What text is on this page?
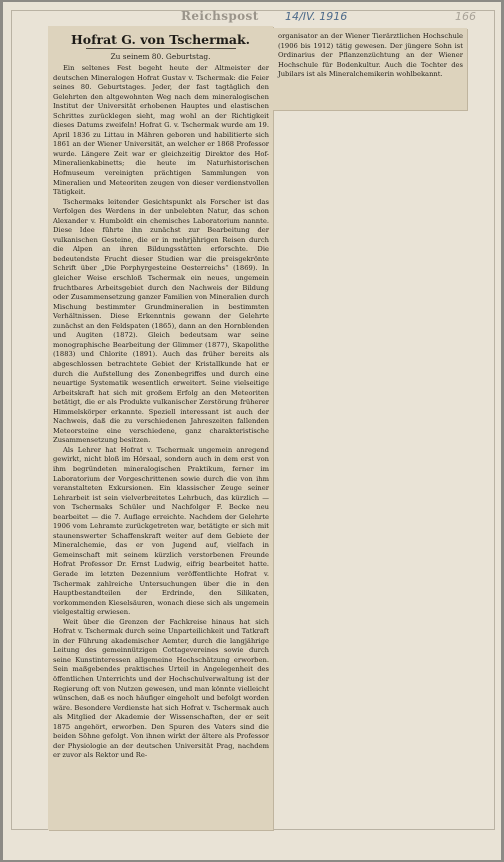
Reichspost 14/IV. 1916	166
Hofrat G. von Tschermak.
Zu seinem 80. Geburtstag.

Ein seltenes Fest begeht heute der Altmeister der deutschen Mineralogen Hofrat Gustav v. Tschermak: die Feier seines 80. Geburtstages. Jeder, der fast tagtäglich den Gelehrten den altgewohnten Weg nach dem mineralogischen Institut der Universität erhobenen Hauptes und elastischen Schrittes zurücklegen sieht, mag wohl an der Richtigkeit dieses Datums zweifeln! Hofrat G. v. Tschermak wurde am 19. April 1836 zu Littau in Mähren geboren und habilitierte sich 1861 an der Wiener Universität, an welcher er 1868 Professor wurde. Längere Zeit war er gleichzeitig Direktor des Hof-Mineralienkabinetts; die heute im Naturhistorischen Hofmuseum vereinigten prächtigen Sammlungen von Mineralien und Meteoriten zeugen von dieser verdienstvollen Tätigkeit.

Tschermaks leitender Gesichtspunkt als Forscher ist das Verfolgen des Werdens in der unbelebten Natur, das schon Alexander v. Humboldt ein chemisches Laboratorium nannte. Diese Idee führte ihn zunächst zur Bearbeitung der vulkanischen Gesteine, die er in mehrjährigen Reisen durch die Alpen an ihren Bildungsstätten erforschte. Die bedeutendste Frucht dieser Studien war die preisgekrönte Schrift über „Die Porphyrgesteine Oesterreichs“ (1869). In gleicher Weise erschloß Tschermak ein neues, ungemein fruchtbares Arbeitsgebiet durch den Nachweis der Bildung oder Zusammensetzung ganzer Familien von Mineralien durch Mischung bestimmter Grundmineralien in bestimmten Verhältnissen. Diese Erkenntnis gewann der Gelehrte zunächst an den Feldspaten (1865), dann an den Hornblenden und Augiten (1872). Gleich bedeutsam war seine monographische Bearbeitung der Glimmer (1877), Skapolithe (1883) und Chlorite (1891). Auch das früher bereits als abgeschlossen betrachtete Gebiet der Kristallkunde hat er durch die Aufstellung des Zonenbegriffes und durch eine neuartige Systematik wesentlich erweitert. Seine vielseitige Arbeitskraft hat sich mit großem Erfolg an den Meteoriten betätigt, die er als Produkte vulkanischer Zerstörung früherer Himmelskörper erkannte. Speziell interessant ist auch der Nachweis, daß die zu verschiedenen Jahreszeiten fallenden Meteorsteine eine verschiedene, ganz charakteristische Zusammensetzung besitzen.

Als Lehrer hat Hofrat v. Tschermak ungemein anregend gewirkt, nicht bloß im Hörsaal, sondern auch in dem erst von ihm begründeten mineralogischen Praktikum, ferner im Laboratorium der Vorgeschrittenen sowie durch die von ihm veranstalteten Exkursionen. Ein klassischer Zeuge seiner Lehrarbeit ist sein vielverbreitetes Lehrbuch, das kürzlich — von Tschermaks Schüler und Nachfolger F. Becke neu bearbeitet — die 7. Auflage erreichte. Nachdem der Gelehrte 1906 vom Lehramte zurückgetreten war, betätigte er sich mit staunenswerter Schaffenskraft weiter auf dem Gebiete der Mineralchemie, das er von Jugend auf, vielfach in Gemeinschaft mit seinem kürzlich verstorbenen Freunde Hofrat Professor Dr. Ernst Ludwig, eifrig bearbeitet hatte. Gerade im letzten Dezennium veröffentlichte Hofrat v. Tschermak zahlreiche Untersuchungen über die in den Hauptbestandteilen der Erdrinde, den Silikaten, vorkommenden Kieselsäuren, wonach diese sich als ungemein vielgestaltig erwiesen.

Weit über die Grenzen der Fachkreise hinaus hat sich Hofrat v. Tschermak durch seine Unparteilichkeit und Tatkraft in der Führung akademischer Aemter, durch die langjährige Leitung des gemeinnützigen Cottagevereines sowie durch seine Kunstinteressen allgemeine Hochschätzung erworben. Sein maßgebendes praktisches Urteil in Angelegenheit des öffentlichen Unterrichts und der Hochschulverwaltung ist der Regierung oft von Nutzen gewesen, und man könnte vielleicht wünschen, daß es noch häufiger eingeholt und befolgt worden wäre. Besondere Verdienste hat sich Hofrat v. Tschermak auch als Mitglied der Akademie der Wissenschaften, der er seit 1875 angehört, erworben. Den Spuren des Vaters sind die beiden Söhne gefolgt. Von ihnen wirkt der ältere als Professor der Physiologie an der deutschen Universität Prag, nachdem er zuvor als Rektor und Re-

organisator an der Wiener Tierärztlichen Hochschule (1906 bis 1912) tätig gewesen. Der jüngere Sohn ist Ordinarius der Pflanzenzüchtung an der Wiener Hochschule für Bodenkultur. Auch die Tochter des Jubilars ist als Mineralchemikerin wohlbekannt.
